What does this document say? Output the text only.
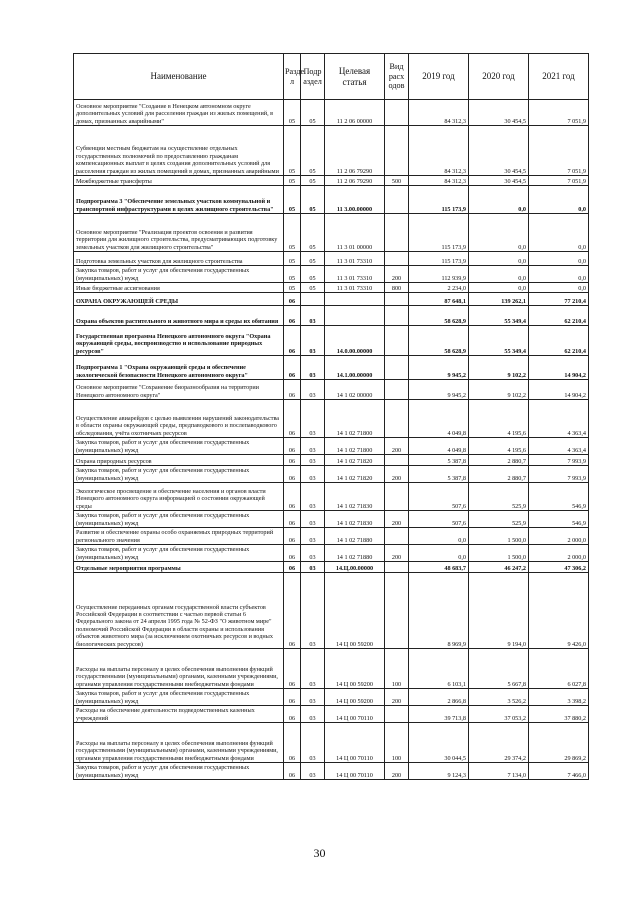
Наименование	Разде л	Подр аздел	Целевая статья	Вид расх одов	2019 год	2020 год	2021 год
Основное мероприятие "Создание в Ненецком автономном округе дополнительных условий для расселения граждан из жилых помещений, в домах, признанных аварийными"	05	05	11 2 06 00000		84 312,3	30 454,5	7 051,9
Субвенции местным бюджетам на осуществление отдельных государственных полномочий по предоставлению гражданам компенсационных выплат в целях создания дополнительных условий для расселения граждан из жилых помещений в домах, признанных аварийными	05	05	11 2 06 79290		84 312,3	30 454,5	7 051,9
Межбюджетные трансферты	05	05	11 2 06 79290	500	84 312,3	30 454,5	7 051,9
Подпрограмма 3 "Обеспечение земельных участков коммунальной и транспортной инфраструктурами в целях жилищного строительства"	05	05	11 3.00.00000		115 173,9	0,0	0,0
Основное мероприятие "Реализация проектов освоения и развития территории для жилищного строительства, предусматривающих подготовку земельных участков для жилищного строительства"	05	05	11 3 01 00000		115 173,9	0,0	0,0
Подготовка земельных участков для жилищного строительства	05	05	11 3 01 73310		115 173,9	0,0	0,0
Закупка товаров, работ и услуг для обеспечения государственных (муниципальных) нужд	05	05	11 3 01 73310	200	112 939,9	0,0	0,0
Иные бюджетные ассигнования	05	05	11 3 01 73310	800	2 234,0	0,0	0,0
ОХРАНА ОКРУЖАЮЩЕЙ СРЕДЫ	06				87 648,1	139 262,1	77 210,4
Охрана объектов растительного и животного мира и среды их обитания	06	03			58 628,9	55 349,4	62 210,4
Государственная программа Ненецкого автономного округа "Охрана окружающей среды, воспроизводство и использование природных ресурсов"	06	03	14.0.00.00000		58 628,9	55 349,4	62 210,4
Подпрограмма 1 "Охрана окружающей среды и обеспечение экологической безопасности Ненецкого автономного округа"	06	03	14.1.00.00000		9 945,2	9 102,2	14 904,2
Основное мероприятие "Сохранение биоразнообразия на территории Ненецкого автономного округа"	06	03	14 1 02 00000		9 945,2	9 102,2	14 904,2
Осуществление авиарейдов с целью выявления нарушений законодательства в области охраны окружающей среды, предпаводкового и послепаводкового обследования, учёта охотничьих ресурсов	06	03	14 1 02 71800		4 049,8	4 195,6	4 363,4
Закупка товаров, работ и услуг для обеспечения государственных (муниципальных) нужд	06	03	14 1 02 71800	200	4 049,8	4 195,6	4 363,4
Охрана природных ресурсов	06	03	14 1 02 71820		5 387,8	2 880,7	7 993,9
Закупка товаров, работ и услуг для обеспечения государственных (муниципальных) нужд	06	03	14 1 02 71820	200	5 387,8	2 880,7	7 993,9
Экологическое просвещение и обеспечение населения и органов власти Ненецкого автономного округа информацией о состоянии окружающей среды	06	03	14 1 02 71830		507,6	525,9	546,9
Закупка товаров, работ и услуг для обеспечения государственных (муниципальных) нужд	06	03	14 1 02 71830	200	507,6	525,9	546,9
Развитие и обеспечение охраны особо охраняемых природных территорий регионального значения	06	03	14 1 02 71880		0,0	1 500,0	2 000,0
Закупка товаров, работ и услуг для обеспечения государственных (муниципальных) нужд	06	03	14 1 02 71880	200	0,0	1 500,0	2 000,0
Отдельные мероприятия программы	06	03	14.Ц.00.00000		48 683,7	46 247,2	47 306,2
Осуществление переданных органам государственной власти субъектов Российской Федерации в соответствии с частью первой статьи 6 Федерального закона от 24 апреля 1995 года № 52-ФЗ "О животном мире" полномочий Российской Федерации в области охраны и использования объектов животного мира (за исключением охотничьих ресурсов и водных биологических ресурсов)	06	03	14 Ц 00 59200		8 969,9	9 194,0	9 426,0
Расходы на выплаты персоналу в целях обеспечения выполнения функций государственными (муниципальными) органами, казенными учреждениями, органами управления государственными внебюджетными фондами	06	03	14 Ц 00 59200	100	6 103,1	5 667,8	6 027,8
Закупка товаров, работ и услуг для обеспечения государственных (муниципальных) нужд	06	03	14 Ц 00 59200	200	2 866,8	3 526,2	3 398,2
Расходы на обеспечение деятельности подведомственных казенных учреждений	06	03	14 Ц 00 70110		39 713,8	37 053,2	37 880,2
Расходы на выплаты персоналу в целях обеспечения выполнения функций государственными (муниципальными) органами, казенными учреждениями, органами управления государственными внебюджетными фондами	06	03	14 Ц 00 70110	100	30 044,5	29 374,2	29 869,2
Закупка товаров, работ и услуг для обеспечения государственных (муниципальных) нужд	06	03	14 Ц 00 70110	200	9 124,3	7 134,0	7 466,0
30
